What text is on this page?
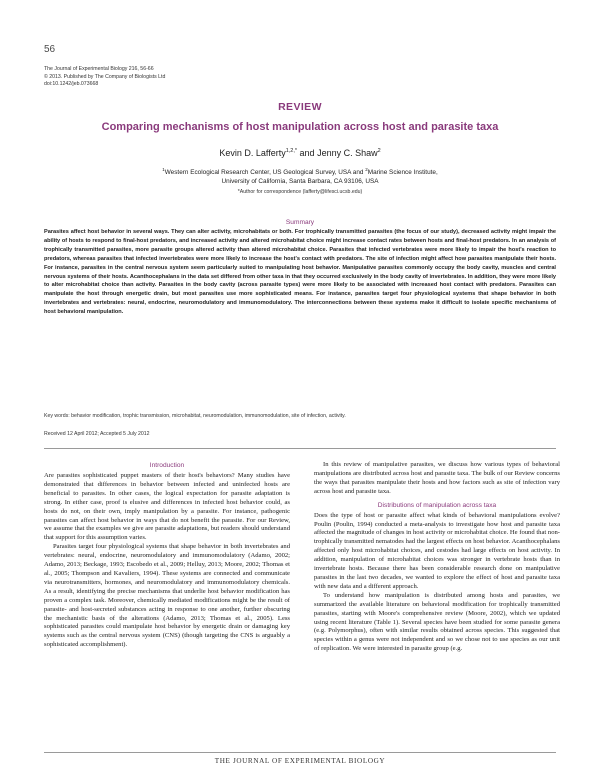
56
The Journal of Experimental Biology 216, 56-66
© 2013. Published by The Company of Biologists Ltd
doi:10.1242/jeb.073668
REVIEW
Comparing mechanisms of host manipulation across host and parasite taxa
Kevin D. Lafferty$^{1,2,*}$ and Jenny C. Shaw$^2$
$^1$Western Ecological Research Center, US Geological Survey, USA and $^2$Marine Science Institute,
University of California, Santa Barbara, CA 93106, USA
*Author for correspondence (lafferty@lifesci.ucsb.edu)
Summary

Parasites affect host behavior in several ways. They can alter activity, microhabitats or both. For trophically transmitted parasites (the focus of our study), decreased activity might impair the ability of hosts to respond to final-host predators, and increased activity and altered microhabitat choice might increase contact rates between hosts and final-host predators. In an analysis of trophically transmitted parasites, more parasite groups altered activity than altered microhabitat choice. Parasites that infected vertebrates were more likely to impair the host's reaction to predators, whereas parasites that infected invertebrates were more likely to increase the host's contact with predators. The site of infection might affect how parasites manipulate their hosts. For instance, parasites in the central nervous system seem particularly suited to manipulating host behavior. Manipulative parasites commonly occupy the body cavity, muscles and central nervous systems of their hosts. Acanthocephalans in the data set differed from other taxa in that they occurred exclusively in the body cavity of invertebrates. In addition, they were more likely to alter microhabitat choice than activity. Parasites in the body cavity (across parasite types) were more likely to be associated with increased host contact with predators. Parasites can manipulate the host through energetic drain, but most parasites use more sophisticated means. For instance, parasites target four physiological systems that shape behavior in both invertebrates and vertebrates: neural, endocrine, neuromodulatory and immunomodulatory. The interconnections between these systems make it difficult to isolate specific mechanisms of host behavioral manipulation.

Key words: behavior modification, trophic transmission, microhabitat, neuromodulation, immunomodulation, site of infection, activity.
Received 12 April 2012; Accepted 5 July 2012
Introduction

Are parasites sophisticated puppet masters of their host's behaviors? Many studies have demonstrated that differences in behavior between infected and uninfected hosts are beneficial to parasites. In other cases, the logical expectation for parasite adaptation is strong. In either case, proof is elusive and differences in infected host behavior could, as hosts do not, on their own, imply manipulation by a parasite. For instance, pathogenic parasites can affect host behavior in ways that do not benefit the parasite. For our Review, we assume that the examples we give are parasite adaptations, but readers should understand that support for this assumption varies.

Parasites target four physiological systems that shape behavior in both invertebrates and vertebrates: neural, endocrine, neuromodulatory and immunomodulatory (Adamo, 2002; Adamo, 2013; Beckage, 1993; Escobedo et al., 2009; Helluy, 2013; Moore, 2002; Thomas et al., 2005; Thompson and Kavaliers, 1994). These systems are connected and communicate via neurotransmitters, hormones, and neuromodulatory and immunomodulatory chemicals. As a result, identifying the precise mechanisms that underlie host behavior modification has proven a complex task. Moreover, chemically mediated modifications might be the result of parasite- and host-secreted substances acting in response to one another, further obscuring the mechanistic basis of the alterations (Adamo, 2013; Thomas et al., 2005). Less sophisticated parasites could manipulate host behavior by energetic drain or damaging key systems such as the central nervous system (CNS) (though targeting the CNS is arguably a sophisticated accomplishment).

In this review of manipulative parasites, we discuss how various types of behavioral manipulations are distributed across host and parasite taxa. The bulk of our Review concerns the ways that parasites manipulate their hosts and how factors such as site of infection vary across host and parasite taxa.

Distributions of manipulation across taxa

Does the type of host or parasite affect what kinds of behavioral manipulations evolve? Poulin (Poulin, 1994) conducted a meta-analysis to investigate how host and parasite taxa affected the magnitude of changes in host activity or microhabitat choice. He found that non-trophically transmitted nematodes had the largest effects on host behavior. Acanthocephalans affected only host microhabitat choices, and cestodes had large effects on host activity. In addition, manipulation of microhabitat choices was stronger in vertebrate hosts than in invertebrate hosts. Because there has been considerable research done on manipulative parasites in the last two decades, we wanted to explore the effect of host and parasite taxa with new data and a different approach.

To understand how manipulation is distributed among hosts and parasites, we summarized the available literature on behavioral modification for trophically transmitted parasites, starting with Moore's comprehensive review (Moore, 2002), which we updated using recent literature (Table 1). Several species have been studied for some parasite genera (e.g. Polymorphus), often with similar results obtained across species. This suggested that species within a genus were not independent and so we chose not to use species as our unit of replication. We were interested in parasite group (e.g.

THE JOURNAL OF EXPERIMENTAL BIOLOGY
